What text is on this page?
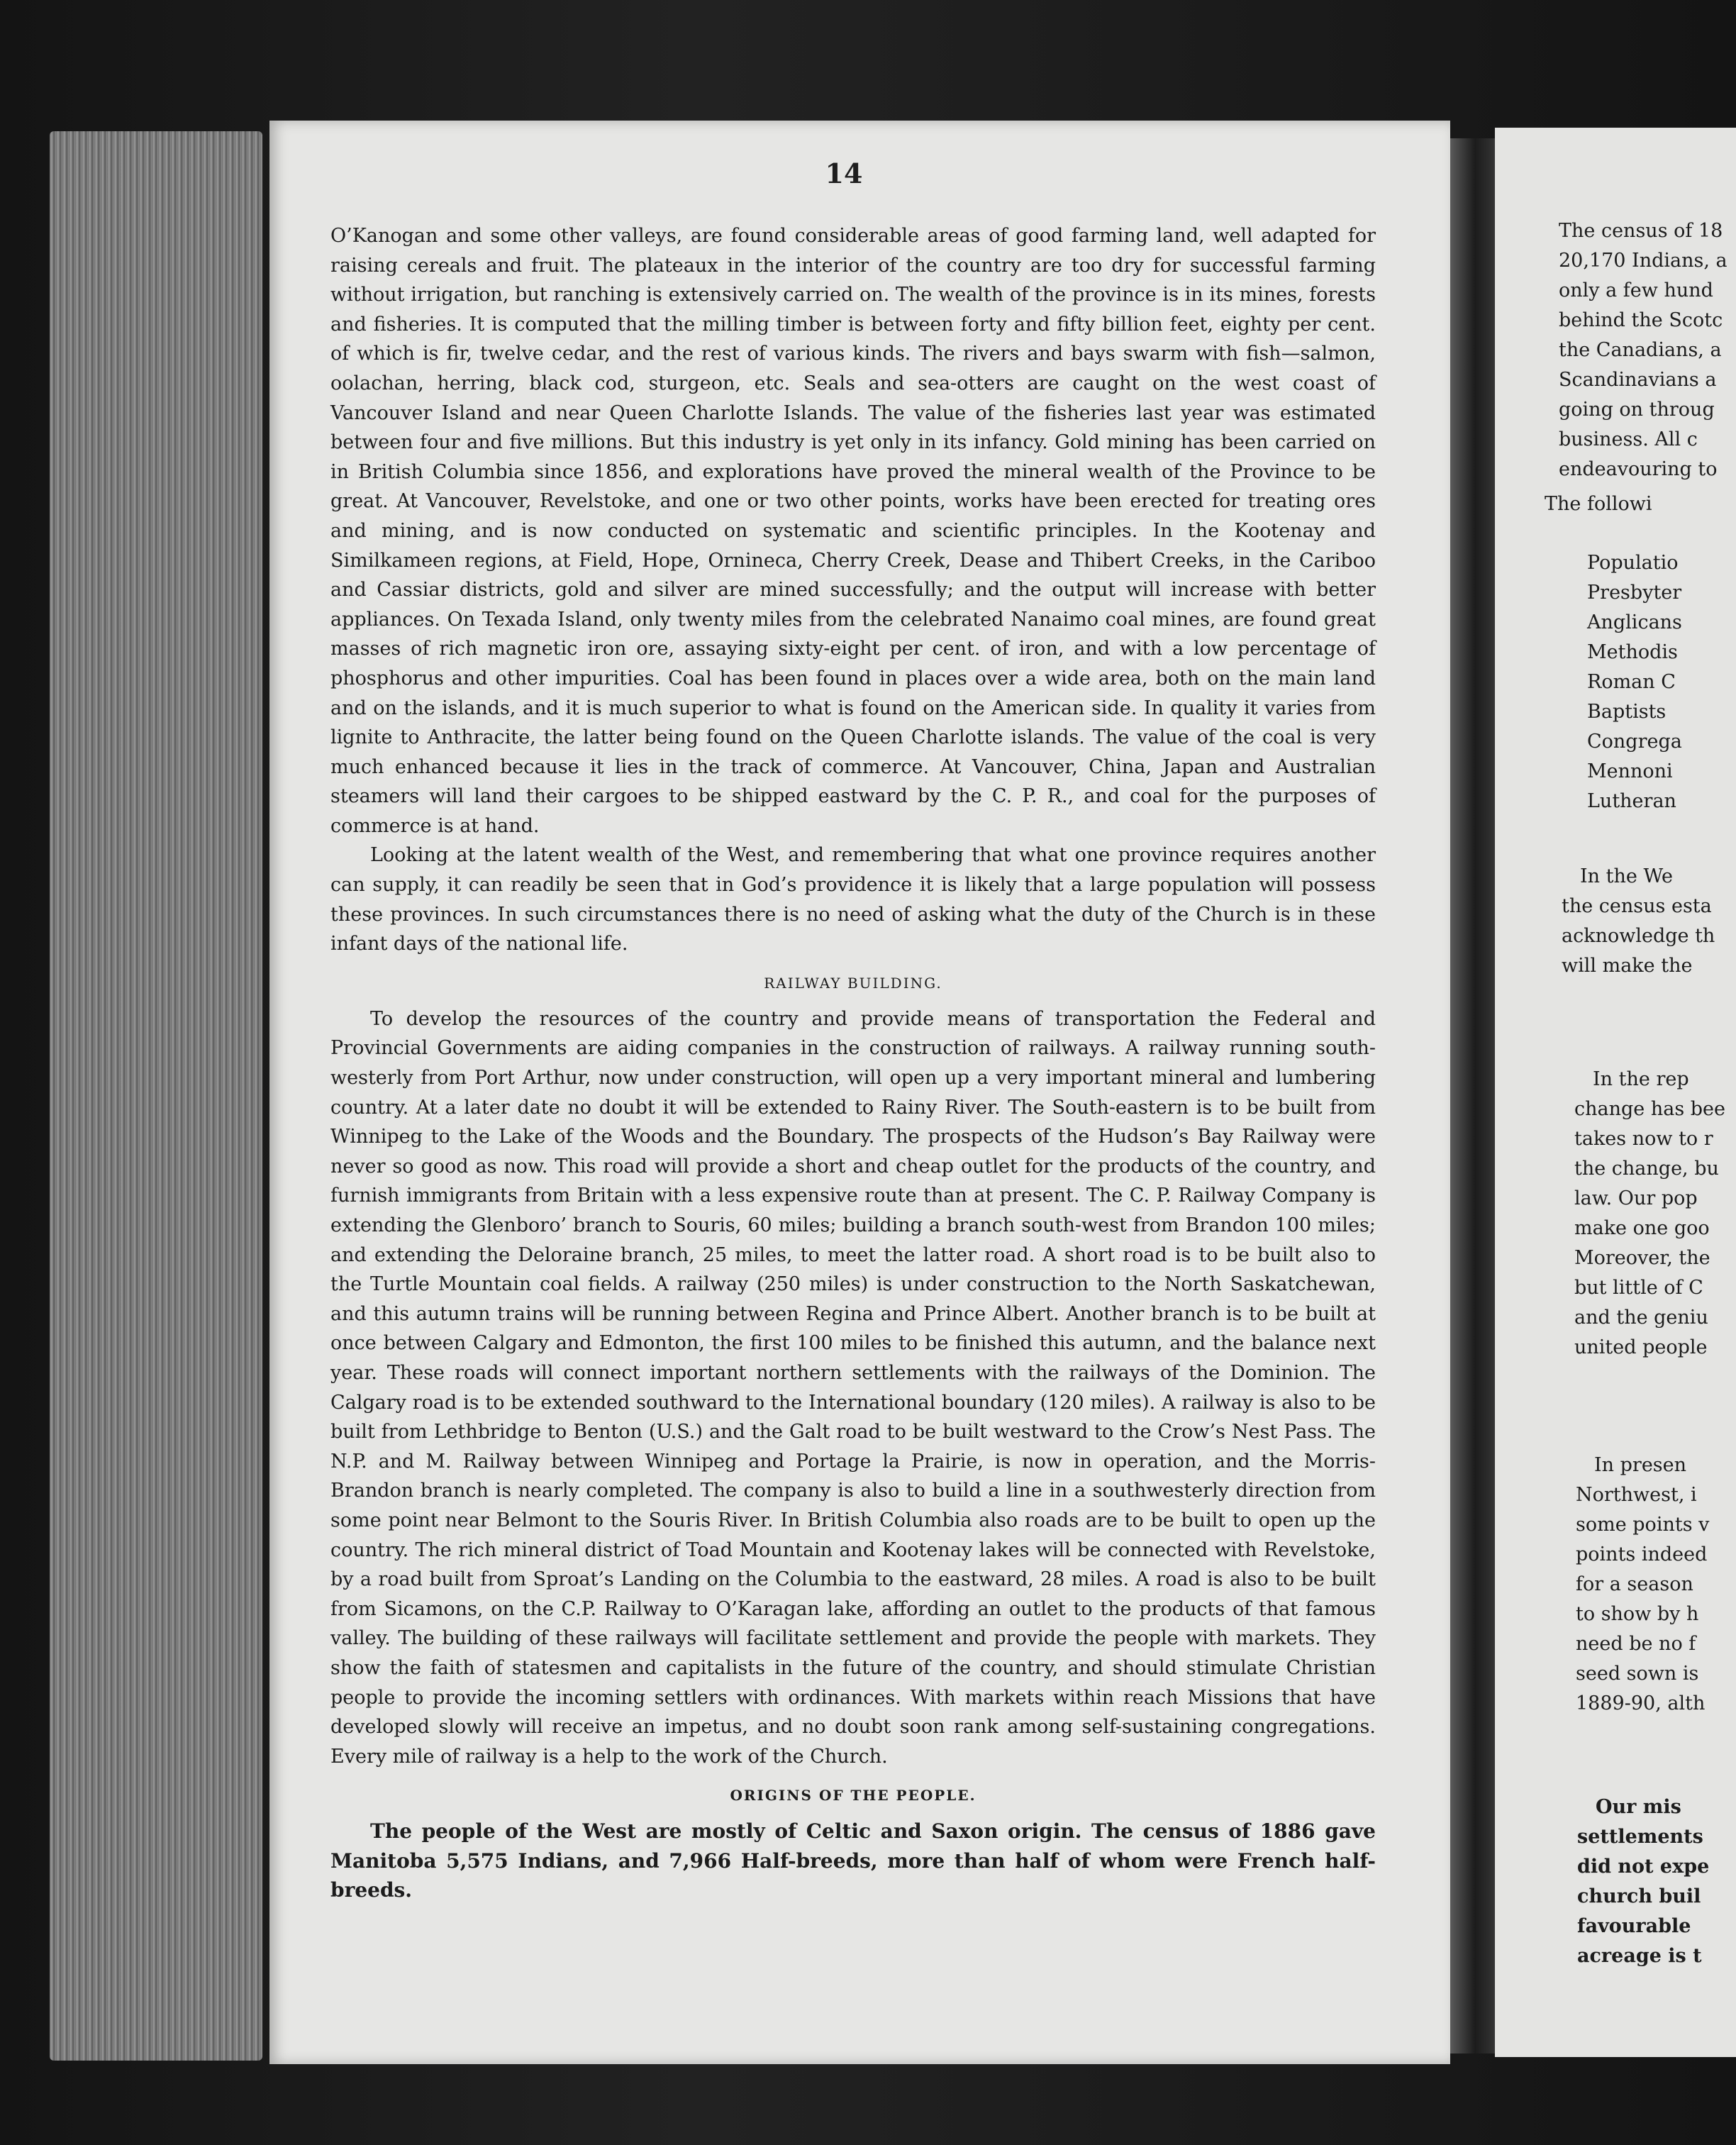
14

O’Kanogan and some other valleys, are found considerable areas of good farming land, well adapted for raising cereals and fruit. The plateaux in the interior of the country are too dry for successful farming without irrigation, but ranching is extensively carried on. The wealth of the province is in its mines, forests and fisheries. It is computed that the milling timber is between forty and fifty billion feet, eighty per cent. of which is fir, twelve cedar, and the rest of various kinds. The rivers and bays swarm with fish—salmon, oolachan, herring, black cod, sturgeon, etc. Seals and sea-otters are caught on the west coast of Vancouver Island and near Queen Charlotte Islands. The value of the fisheries last year was estimated between four and five millions. But this industry is yet only in its infancy. Gold mining has been carried on in British Columbia since 1856, and explorations have proved the mineral wealth of the Province to be great. At Vancouver, Revelstoke, and one or two other points, works have been erected for treating ores and mining, and is now conducted on systematic and scientific principles. In the Kootenay and Similkameen regions, at Field, Hope, Ornineca, Cherry Creek, Dease and Thibert Creeks, in the Cariboo and Cassiar districts, gold and silver are mined successfully; and the output will increase with better appliances. On Texada Island, only twenty miles from the celebrated Nanaimo coal mines, are found great masses of rich magnetic iron ore, assaying sixty-eight per cent. of iron, and with a low percentage of phosphorus and other impurities. Coal has been found in places over a wide area, both on the main land and on the islands, and it is much superior to what is found on the American side. In quality it varies from lignite to Anthracite, the latter being found on the Queen Charlotte islands. The value of the coal is very much enhanced because it lies in the track of commerce. At Vancouver, China, Japan and Australian steamers will land their cargoes to be shipped eastward by the C. P. R., and coal for the purposes of commerce is at hand.

Looking at the latent wealth of the West, and remembering that what one province requires another can supply, it can readily be seen that in God’s providence it is likely that a large population will possess these provinces. In such circumstances there is no need of asking what the duty of the Church is in these infant days of the national life.

RAILWAY BUILDING.

To develop the resources of the country and provide means of transportation the Federal and Provincial Governments are aiding companies in the construction of railways. A railway running south-westerly from Port Arthur, now under construction, will open up a very important mineral and lumbering country. At a later date no doubt it will be extended to Rainy River. The South-eastern is to be built from Winnipeg to the Lake of the Woods and the Boundary. The prospects of the Hudson’s Bay Railway were never so good as now. This road will provide a short and cheap outlet for the products of the country, and furnish immigrants from Britain with a less expensive route than at present. The C. P. Railway Company is extending the Glenboro’ branch to Souris, 60 miles; building a branch south-west from Brandon 100 miles; and extending the Deloraine branch, 25 miles, to meet the latter road. A short road is to be built also to the Turtle Mountain coal fields. A railway (250 miles) is under construction to the North Saskatchewan, and this autumn trains will be running between Regina and Prince Albert. Another branch is to be built at once between Calgary and Edmonton, the first 100 miles to be finished this autumn, and the balance next year. These roads will connect important northern settlements with the railways of the Dominion. The Calgary road is to be extended southward to the International boundary (120 miles). A railway is also to be built from Lethbridge to Benton (U.S.) and the Galt road to be built westward to the Crow’s Nest Pass. The N.P. and M. Railway between Winnipeg and Portage la Prairie, is now in operation, and the Morris-Brandon branch is nearly completed. The company is also to build a line in a southwesterly direction from some point near Belmont to the Souris River. In British Columbia also roads are to be built to open up the country. The rich mineral district of Toad Mountain and Kootenay lakes will be connected with Revelstoke, by a road built from Sproat’s Landing on the Columbia to the eastward, 28 miles. A road is also to be built from Sicamons, on the C.P. Railway to O’Karagan lake, affording an outlet to the products of that famous valley. The building of these railways will facilitate settlement and provide the people with markets. They show the faith of statesmen and capitalists in the future of the country, and should stimulate Christian people to provide the incoming settlers with ordinances. With markets within reach Missions that have developed slowly will receive an impetus, and no doubt soon rank among self-sustaining congregations. Every mile of railway is a help to the work of the Church.

ORIGINS OF THE PEOPLE.

The people of the West are mostly of Celtic and Saxon origin. The census of 1886 gave Manitoba 5,575 Indians, and 7,966 Half-breeds, more than half of whom were French half-breeds.

The census of 18
20,170 Indians, a
only a few hund
behind the Scotc
the Canadians, a
Scandinavians a
going on throug
business. All c
endeavouring to
The followi
Populatio
Presbyter
Anglicans
Methodis
Roman C
Baptists
Congrega
Mennoni
Lutheran
In the We
the census esta
acknowledge th
will make the
In the rep
change has bee
takes now to r
the change, bu
law. Our pop
make one goo
Moreover, the
but little of C
and the geniu
united people
In presen
Northwest, i
some points v
points indeed
for a season
to show by h
need be no f
seed sown is
1889-90, alth
Our mis
settlements
did not expe
church buil
favourable
acreage is t
